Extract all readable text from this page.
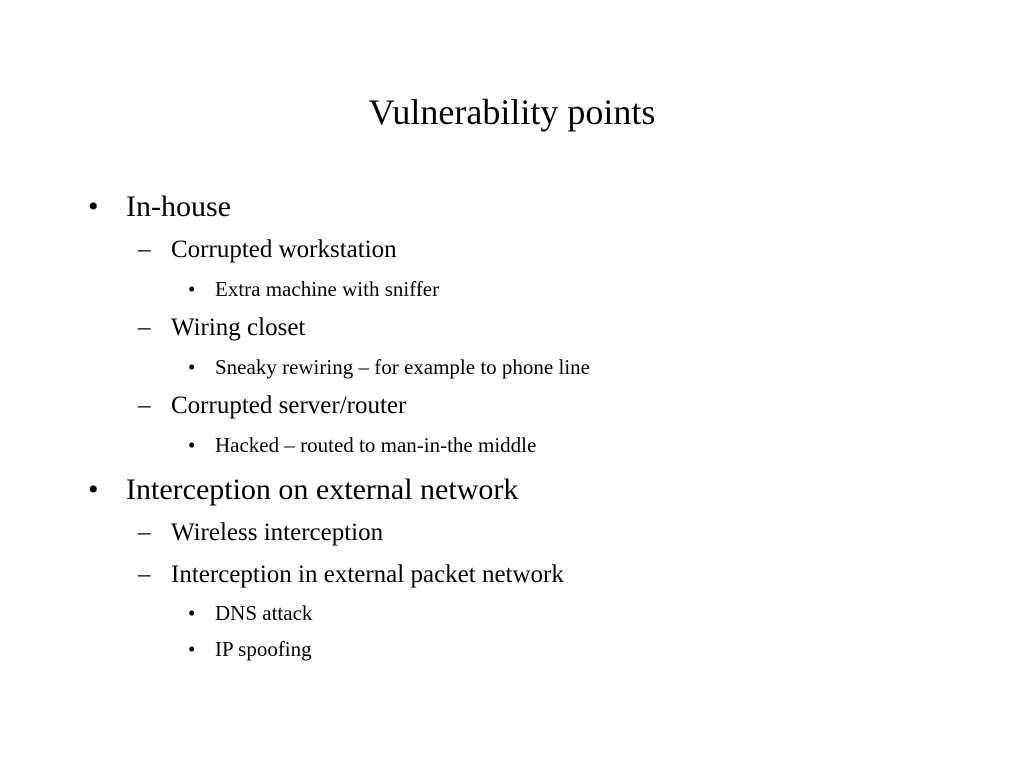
Vulnerability points
• In-house
– Corrupted workstation
• Extra machine with sniffer
– Wiring closet
• Sneaky rewiring – for example to phone line
– Corrupted server/router
• Hacked – routed to man-in-the middle
• Interception on external network
– Wireless interception
– Interception in external packet network
• DNS attack
• IP spoofing
